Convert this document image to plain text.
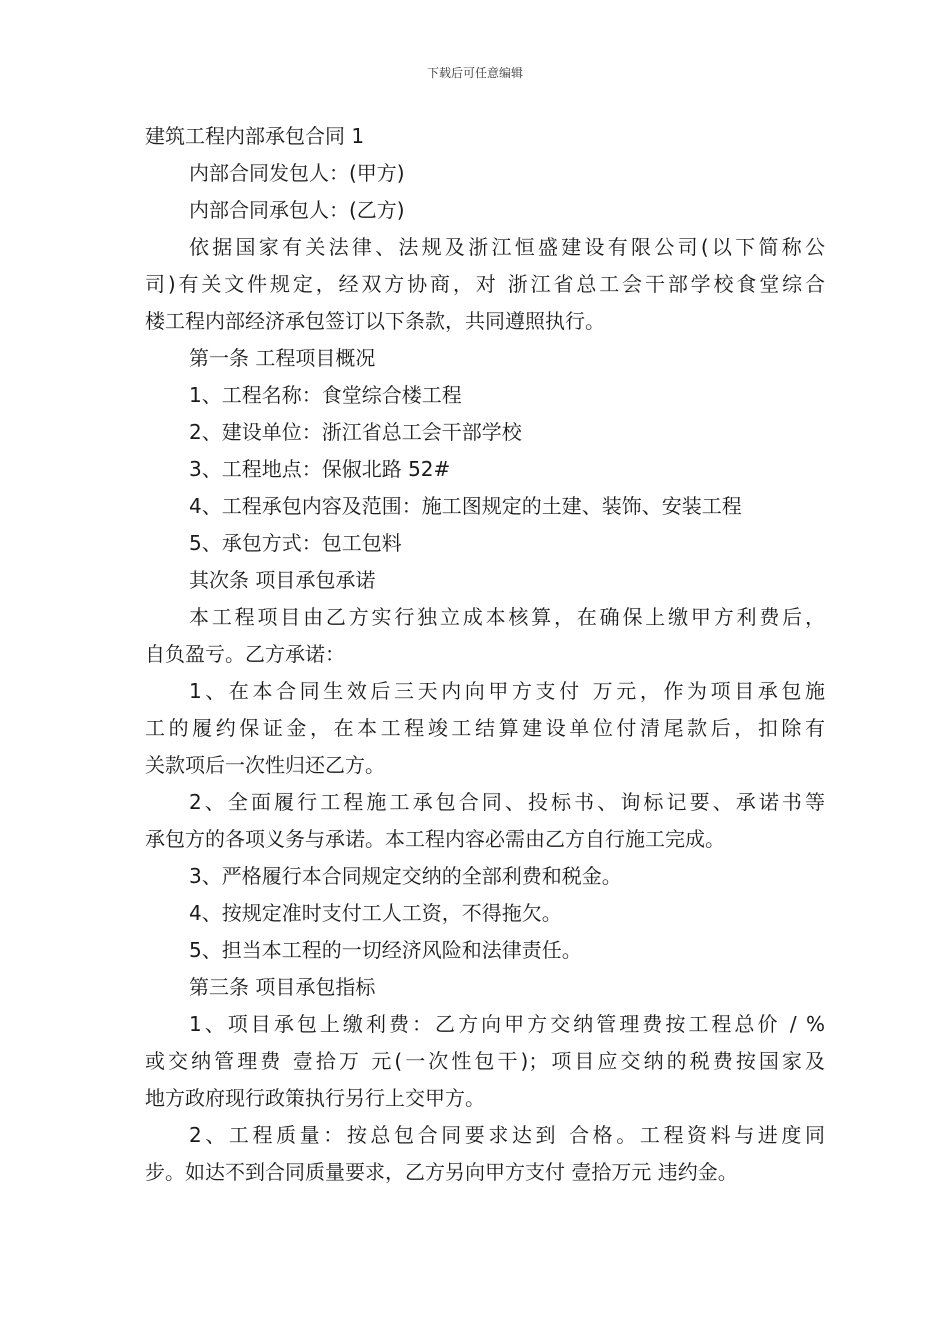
下载后可任意编辑
建筑工程内部承包合同 1
内部合同发包人：(甲方)
内部合同承包人：(乙方)
依据国家有关法律、法规及浙江恒盛建设有限公司(以下简称公
司)有关文件规定，经双方协商，对 浙江省总工会干部学校食堂综合
楼工程内部经济承包签订以下条款，共同遵照执行。
第一条 工程项目概况
1、工程名称：食堂综合楼工程
2、建设单位：浙江省总工会干部学校
3、工程地点：保俶北路 52#
4、工程承包内容及范围：施工图规定的土建、装饰、安装工程
5、承包方式：包工包料
其次条 项目承包承诺
本工程项目由乙方实行独立成本核算，在确保上缴甲方利费后，
自负盈亏。乙方承诺：
1、在本合同生效后三天内向甲方支付 万元，作为项目承包施
工的履约保证金，在本工程竣工结算建设单位付清尾款后，扣除有
关款项后一次性归还乙方。
2、全面履行工程施工承包合同、投标书、询标记要、承诺书等
承包方的各项义务与承诺。本工程内容必需由乙方自行施工完成。
3、严格履行本合同规定交纳的全部利费和税金。
4、按规定准时支付工人工资，不得拖欠。
5、担当本工程的一切经济风险和法律责任。
第三条 项目承包指标
1、项目承包上缴利费：乙方向甲方交纳管理费按工程总价 / %
或交纳管理费 壹拾万 元(一次性包干)；项目应交纳的税费按国家及
地方政府现行政策执行另行上交甲方。
2、工程质量：按总包合同要求达到 合格。工程资料与进度同
步。如达不到合同质量要求，乙方另向甲方支付 壹拾万元 违约金。
